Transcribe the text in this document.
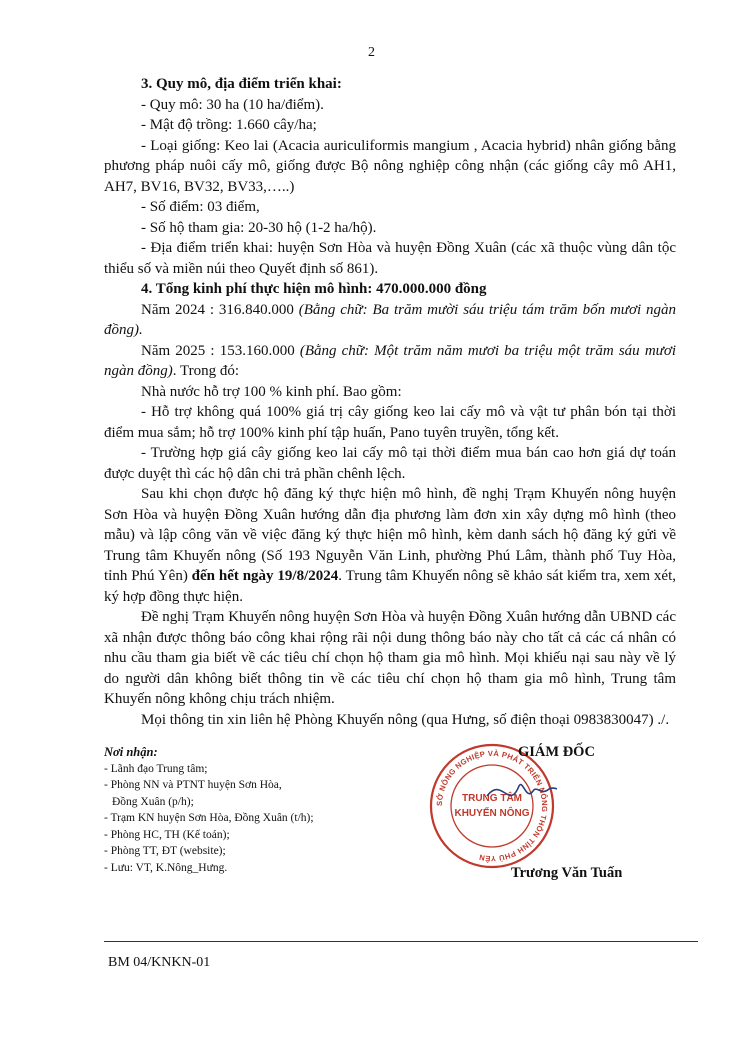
2

3. Quy mô, địa điểm triển khai:

- Quy mô: 30 ha (10 ha/điểm).

- Mật độ trồng: 1.660 cây/ha;

- Loại giống: Keo lai (Acacia auriculiformis mangium , Acacia hybrid) nhân giống bằng phương pháp nuôi cấy mô, giống được Bộ nông nghiệp công nhận (các giống cây mô AH1, AH7, BV16, BV32, BV33,…..)

- Số điểm: 03 điểm,

- Số hộ tham gia: 20-30 hộ (1-2 ha/hộ).

- Địa điểm triển khai: huyện Sơn Hòa và huyện Đồng Xuân (các xã thuộc vùng dân tộc thiểu số và miền núi theo Quyết định số 861).

4. Tổng kinh phí thực hiện mô hình: 470.000.000 đồng

Năm 2024 : 316.840.000 (Bằng chữ: Ba trăm mười sáu triệu tám trăm bốn mươi ngàn đồng).

Năm 2025 : 153.160.000 (Bằng chữ: Một trăm năm mươi ba triệu một trăm sáu mươi ngàn đồng). Trong đó:

Nhà nước hỗ trợ 100 % kinh phí. Bao gồm:

- Hỗ trợ không quá 100% giá trị cây giống keo lai cấy mô và vật tư phân bón tại thời điểm mua sắm; hỗ trợ 100% kinh phí tập huấn, Pano tuyên truyền, tổng kết.

- Trường hợp giá cây giống keo lai cấy mô tại thời điểm mua bán cao hơn giá dự toán được duyệt thì các hộ dân chi trả phần chênh lệch.

Sau khi chọn được hộ đăng ký thực hiện mô hình, đề nghị Trạm Khuyến nông huyện Sơn Hòa và huyện Đồng Xuân hướng dẫn địa phương làm đơn xin xây dựng mô hình (theo mẫu) và lập công văn về việc đăng ký thực hiện mô hình, kèm danh sách hộ đăng ký gửi về Trung tâm Khuyến nông (Số 193 Nguyễn Văn Linh, phường Phú Lâm, thành phố Tuy Hòa, tỉnh Phú Yên) đến hết ngày 19/8/2024. Trung tâm Khuyến nông sẽ khảo sát kiểm tra, xem xét, ký hợp đồng thực hiện.

Đề nghị Trạm Khuyến nông huyện Sơn Hòa và huyện Đồng Xuân hướng dẫn UBND các xã nhận được thông báo công khai rộng rãi nội dung thông báo này cho tất cả các cá nhân có nhu cầu tham gia biết về các tiêu chí chọn hộ tham gia mô hình. Mọi khiếu nại sau này về lý do người dân không biết thông tin về các tiêu chí chọn hộ tham gia mô hình, Trung tâm Khuyến nông không chịu trách nhiệm.

Mọi thông tin xin liên hệ Phòng Khuyến nông (qua Hưng, số điện thoại 0983830047) ./.

Nơi nhận:
- Lãnh đạo Trung tâm;
- Phòng NN và PTNT huyện Sơn Hòa,
Đồng Xuân (p/h);
- Trạm KN huyện Sơn Hòa, Đồng Xuân (t/h);
- Phòng HC, TH (Kế toán);
- Phòng TT, ĐT (website);
- Lưu: VT, K.Nông_Hưng.
SỞ NÔNG NGHIỆP VÀ PHÁT TRIỂN NÔNG THÔN TỈNH PHÚ YÊN
TRUNG TÂM
KHUYẾN NÔNG
GIÁM ĐỐC
Trương Văn Tuấn
BM 04/KNKN-01
